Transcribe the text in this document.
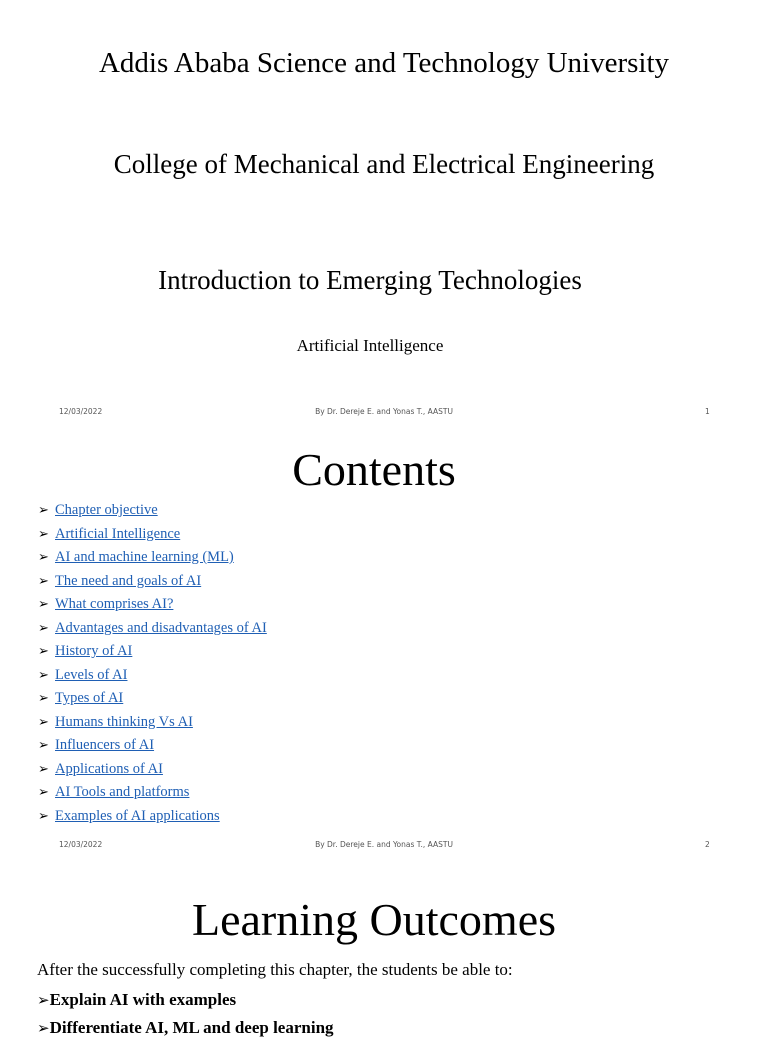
Addis Ababa Science and Technology University
College of Mechanical and Electrical Engineering
Introduction to Emerging Technologies
Artificial Intelligence
12/03/2022	By Dr. Dereje E. and Yonas T., AASTU	1
Contents
➢ Chapter objective
➢ Artificial Intelligence
➢ AI and machine learning (ML)
➢ The need and goals of AI
➢ What comprises AI?
➢ Advantages and disadvantages of AI
➢ History of AI
➢ Levels of AI
➢ Types of AI
➢ Humans thinking Vs AI
➢ Influencers of AI
➢ Applications of AI
➢ AI Tools and platforms
➢ Examples of AI applications
12/03/2022	By Dr. Dereje E. and Yonas T., AASTU	2
Learning Outcomes
After the successfully completing this chapter, the students be able to:
➢Explain AI with examples
➢Differentiate AI, ML and deep learning
